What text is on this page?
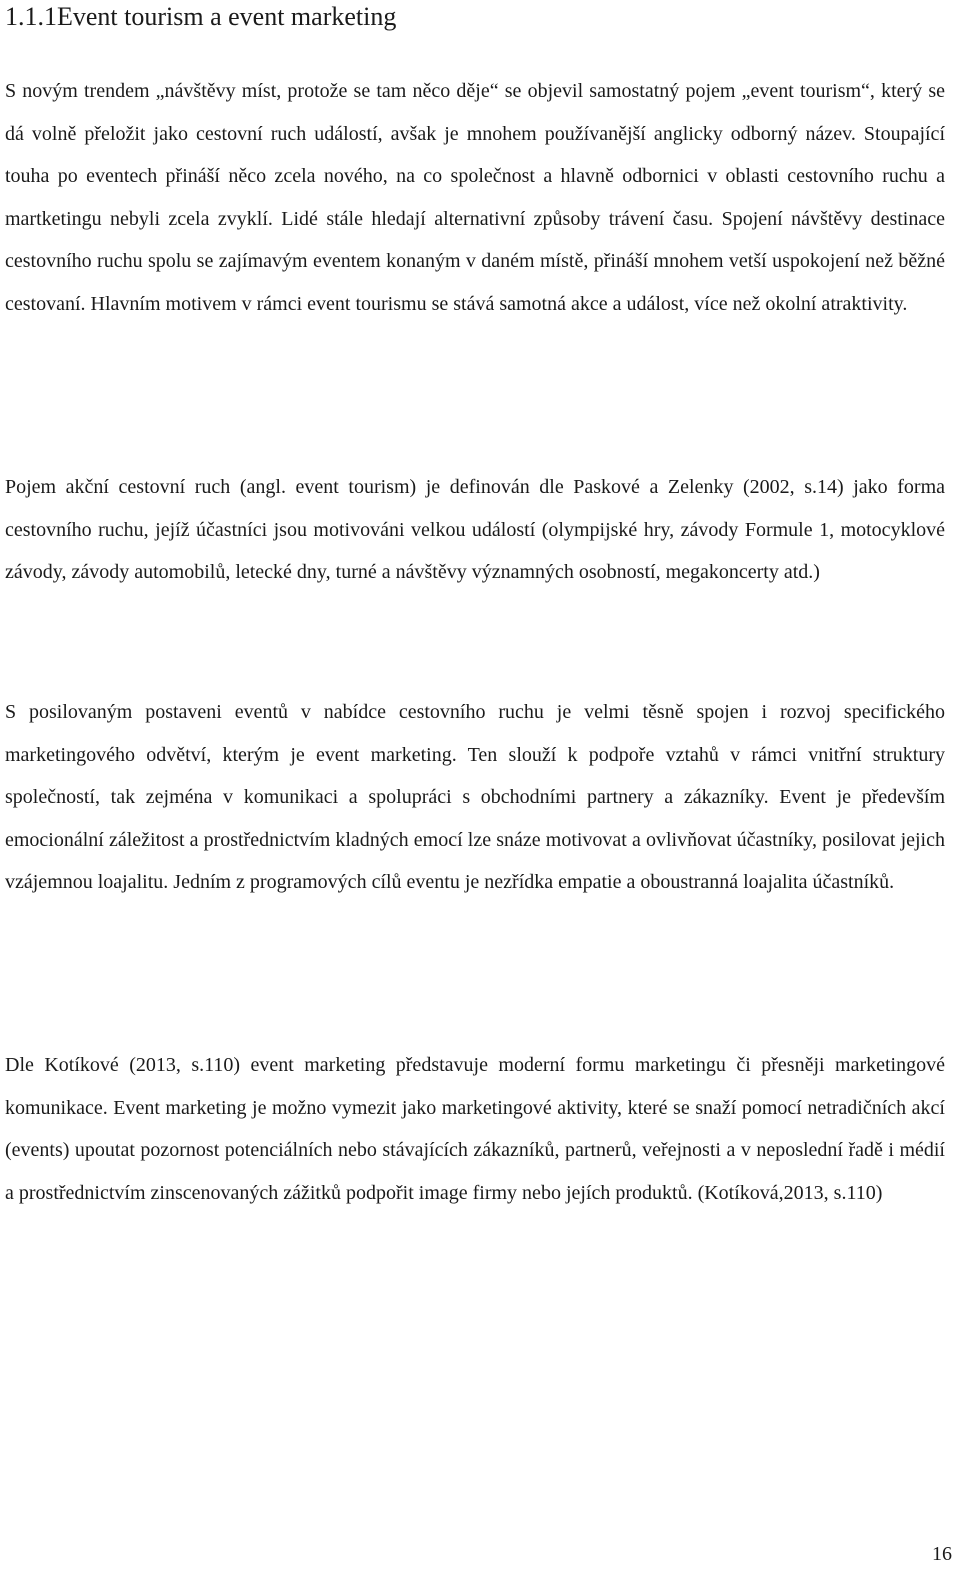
1.1.1Event tourism a event marketing

S novým trendem „návštěvy míst, protože se tam něco děje“ se objevil samostatný pojem „event tourism“, který se dá volně přeložit jako cestovní ruch událostí, avšak je mnohem používanější anglicky odborný název. Stoupající touha po eventech přináší něco zcela nového, na co společnost a hlavně odbornici v oblasti cestovního ruchu a martketingu nebyli zcela zvyklí. Lidé stále hledají alternativní způsoby trávení času. Spojení návštěvy destinace cestovního ruchu spolu se zajímavým eventem konaným v daném místě, přináší mnohem vetší uspokojení než běžné cestovaní. Hlavním motivem v rámci event tourismu se stává samotná akce a událost, více než okolní atraktivity.

Pojem akční cestovní ruch (angl. event tourism) je definován dle Paskové a Zelenky (2002, s.14) jako forma cestovního ruchu, jejíž účastníci jsou motivováni velkou událostí (olympijské hry, závody Formule 1, motocyklové závody, závody automobilů, letecké dny, turné a návštěvy významných osobností, megakoncerty atd.)

S posilovaným postaveni eventů v nabídce cestovního ruchu je velmi těsně spojen i rozvoj specifického marketingového odvětví, kterým je event marketing. Ten slouží k podpoře vztahů v rámci vnitřní struktury společností, tak zejména v komunikaci a spolupráci s obchodními partnery a zákazníky. Event je především emocionální záležitost a prostřednictvím kladných emocí lze snáze motivovat a ovlivňovat účastníky, posilovat jejich vzájemnou loajalitu. Jedním z programových cílů eventu je nezřídka empatie a oboustranná loajalita účastníků.

Dle Kotíkové (2013, s.110) event marketing představuje moderní formu marketingu či přesněji marketingové komunikace. Event marketing je možno vymezit jako marketingové aktivity, které se snaží pomocí netradičních akcí (events) upoutat pozornost potenciálních nebo stávajících zákazníků, partnerů, veřejnosti a v neposlední řadě i médií a prostřednictvím zinscenovaných zážitků podpořit image firmy nebo jejích produktů. (Kotíková,2013, s.110)

16
